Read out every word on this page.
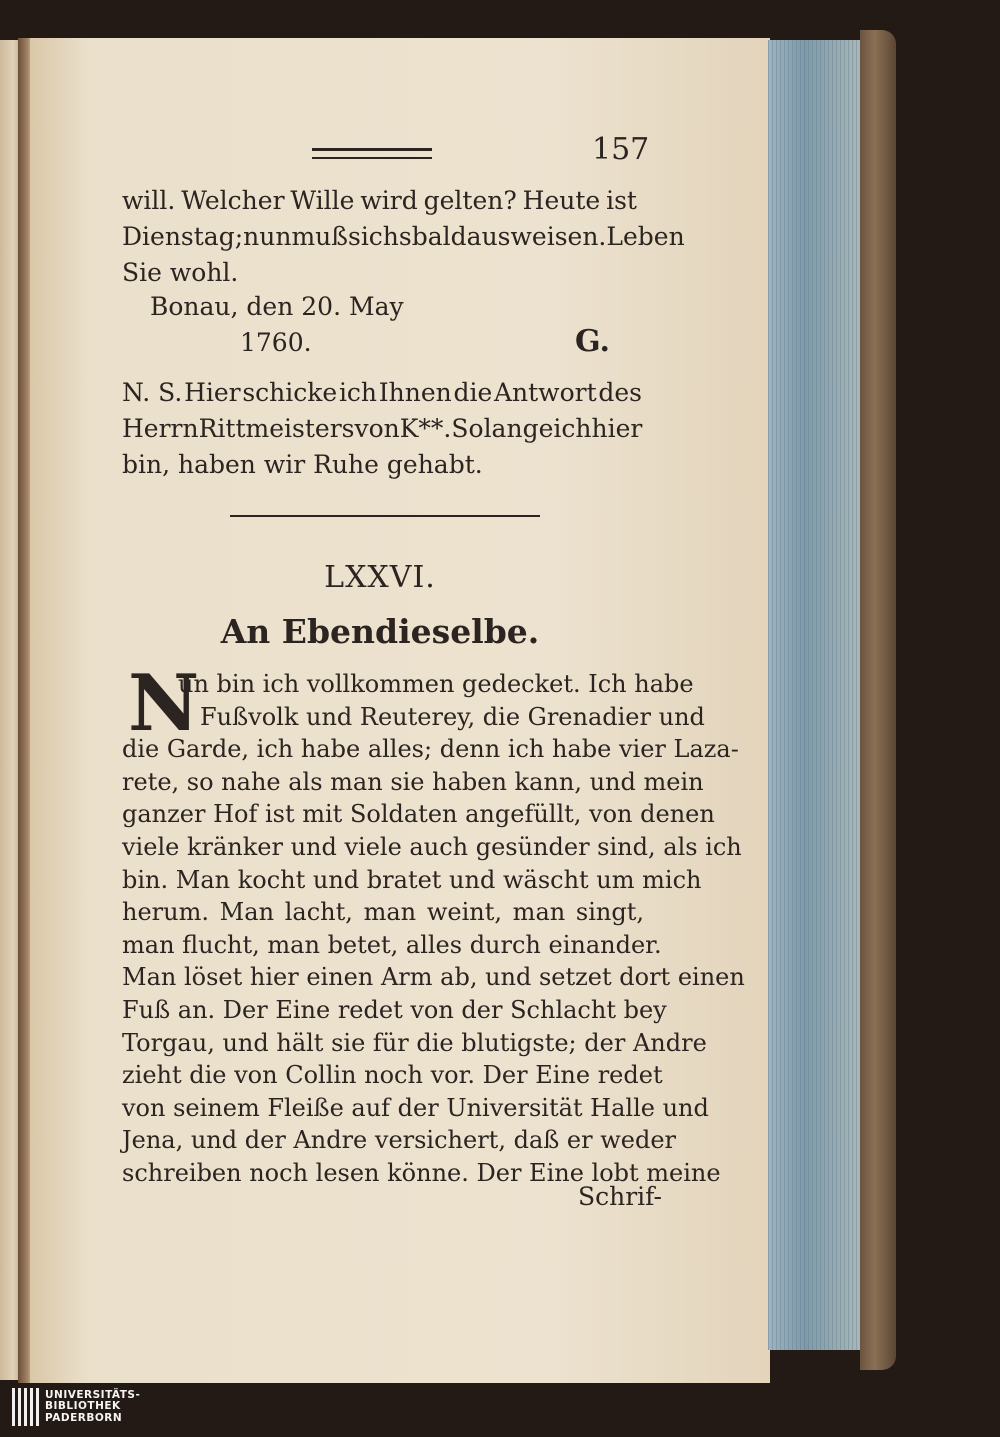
157
will. Welcher Wille wird gelten? Heute ist
Dienstag; nun muß sichs bald ausweisen. Leben
Sie wohl.
Bonau, den 20. May
1760.	G.
N. S. Hier schicke ich Ihnen die Antwort des
Herrn Rittmeisters von K**. So lange ich hier
bin, haben wir Ruhe gehabt.
LXXVI.
An Ebendieselbe.
N
un bin ich vollkommen gedecket. Ich habe
Fußvolk und Reuterey, die Grenadier und
die Garde, ich habe alles; denn ich habe vier Laza-
rete, so nahe als man sie haben kann, und mein
ganzer Hof ist mit Soldaten angefüllt, von denen
viele kränker und viele auch gesünder sind, als ich
bin. Man kocht und bratet und wäscht um mich
herum. Man lacht, man weint, man singt,
man flucht, man betet, alles durch einander.
Man löset hier einen Arm ab, und setzet dort einen
Fuß an. Der Eine redet von der Schlacht bey
Torgau, und hält sie für die blutigste; der Andre
zieht die von Collin noch vor. Der Eine redet
von seinem Fleiße auf der Universität Halle und
Jena, und der Andre versichert, daß er weder
schreiben noch lesen könne. Der Eine lobt meine
Schrif-
UNIVERSITÄTS-
BIBLIOTHEK
PADERBORN
